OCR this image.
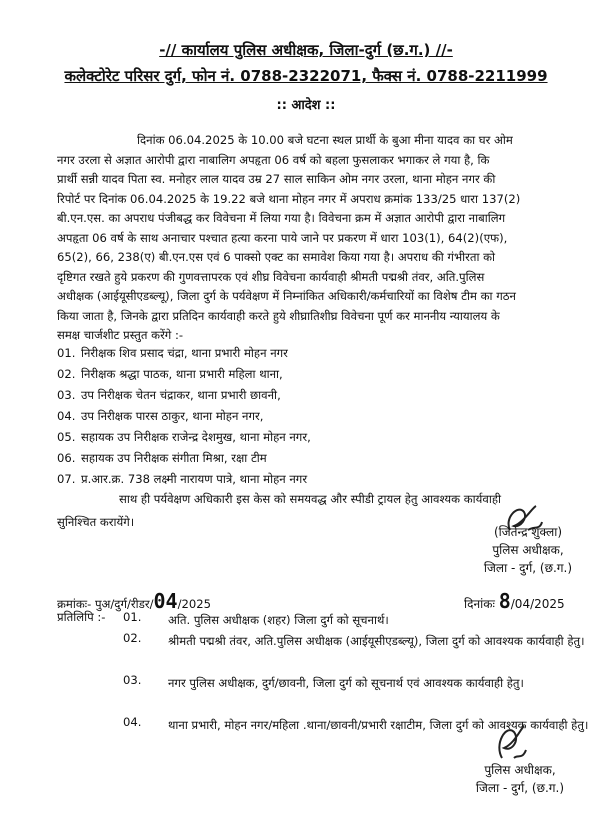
-// कार्यालय पुलिस अधीक्षक, जिला-दुर्ग (छ.ग.) //-
कलेक्टोरेट परिसर दुर्ग, फोन नं. 0788-2322071, फैक्स नं. 0788-2211999
:: आदेश ::
दिनांक 06.04.2025 के 10.00 बजे घटना स्थल प्रार्थी के बुआ मीना यादव का घर ओम
नगर उरला से अज्ञात आरोपी द्वारा नाबालिग अपहृता 06 वर्ष को बहला फुसलाकर भगाकर ले गया है, कि
प्रार्थी सन्नी यादव पिता स्व. मनोहर लाल यादव उम्र 27 साल साकिन ओम नगर उरला, थाना मोहन नगर की
रिपोर्ट पर दिनांक 06.04.2025 के 19.22 बजे थाना मोहन नगर में अपराध क्रमांक 133/25 धारा 137(2)
बी.एन.एस. का अपराध पंजीबद्ध कर विवेचना में लिया गया है। विवेचना क्रम में अज्ञात आरोपी द्वारा नाबालिग
अपहृता 06 वर्ष के साथ अनाचार पश्चात हत्या करना पाये जाने पर प्रकरण में धारा 103(1), 64(2)(एफ),
65(2), 66, 238(ए) बी.एन.एस एवं 6 पाक्सो एक्ट का समावेश किया गया है। अपराध की गंभीरता को
दृष्टिगत रखते हुये प्रकरण की गुणवत्तापरक एवं शीघ्र विवेचना कार्यवाही श्रीमती पद्मश्री तंवर, अति.पुलिस
अधीक्षक (आईयूसीएडब्ल्यू), जिला दुर्ग के पर्यवेक्षण में निम्नांकित अधिकारी/कर्मचारियों का विशेष टीम का गठन
किया जाता है, जिनके द्वारा प्रतिदिन कार्यवाही करते हुये शीघ्रातिशीघ्र विवेचना पूर्ण कर माननीय न्यायालय के
समक्ष चार्जशीट प्रस्तुत करेंगे :-
01. निरीक्षक शिव प्रसाद चंद्रा, थाना प्रभारी मोहन नगर
02. निरीक्षक श्रद्धा पाठक, थाना प्रभारी महिला थाना,
03. उप निरीक्षक चेतन चंद्राकर, थाना प्रभारी छावनी,
04. उप निरीक्षक पारस ठाकुर, थाना मोहन नगर,
05. सहायक उप निरीक्षक राजेन्द्र देशमुख, थाना मोहन नगर,
06. सहायक उप निरीक्षक संगीता मिश्रा, रक्षा टीम
07. प्र.आर.क्र. 738 लक्ष्मी नारायण पात्रे, थाना मोहन नगर
साथ ही पर्यवेक्षण अधिकारी इस केस को समयवद्ध और स्पीडी ट्रायल हेतु आवश्यक कार्यवाही
सुनिश्चित करायेंगे।
(जितेन्द्र शुक्ला)
पुलिस अधीक्षक,
जिला - दुर्ग, (छ.ग.)
क्रमांकः- पुअ/दुर्ग/रीडर/04/2025	दिनांकः 8/04/2025
प्रतिलिपि :- 01. अति. पुलिस अधीक्षक (शहर) जिला दुर्ग को सूचनार्थ।
02. श्रीमती पद्मश्री तंवर, अति.पुलिस अधीक्षक (आईयूसीएडब्ल्यू), जिला दुर्ग को आवश्यक कार्यवाही हेतु।
03. नगर पुलिस अधीक्षक, दुर्ग/छावनी, जिला दुर्ग को सूचनार्थ एवं आवश्यक कार्यवाही हेतु।
04. थाना प्रभारी, मोहन नगर/महिला .थाना/छावनी/प्रभारी रक्षाटीम, जिला दुर्ग को आवश्यक कार्यवाही हेतु।
पुलिस अधीक्षक,
जिला - दुर्ग, (छ.ग.)
